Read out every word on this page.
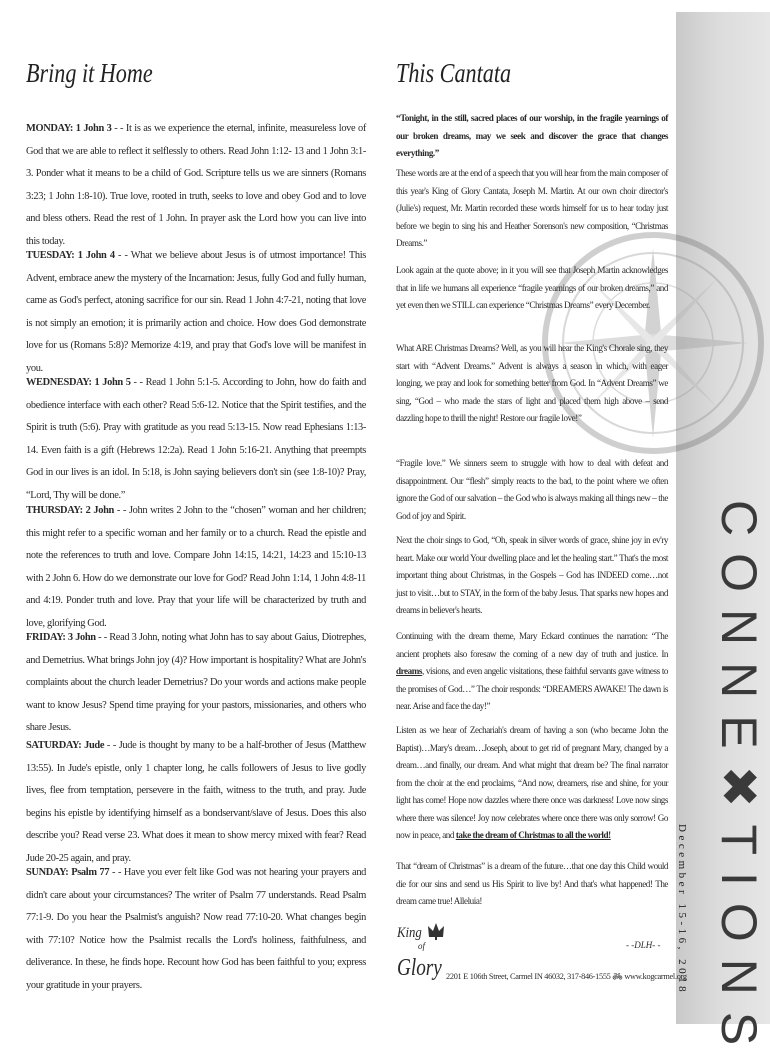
Bring it Home

MONDAY: 1 John 3 - - It is as we experience the eternal, infinite, measureless love of God that we are able to reflect it selflessly to others. Read John 1:12- 13 and 1 John 3:1-3. Ponder what it means to be a child of God. Scripture tells us we are sinners (Romans 3:23; 1 John 1:8-10). True love, rooted in truth, seeks to love and obey God and to love and bless others. Read the rest of 1 John. In prayer ask the Lord how you can live into this today.

TUESDAY: 1 John 4 - - What we believe about Jesus is of utmost importance! This Advent, embrace anew the mystery of the Incarnation: Jesus, fully God and fully human, came as God's perfect, atoning sacrifice for our sin. Read 1 John 4:7-21, noting that love is not simply an emotion; it is primarily action and choice. How does God demonstrate love for us (Romans 5:8)? Memorize 4:19, and pray that God's love will be manifest in you.

WEDNESDAY: 1 John 5 - - Read 1 John 5:1-5. According to John, how do faith and obedience interface with each other? Read 5:6-12. Notice that the Spirit testifies, and the Spirit is truth (5:6). Pray with gratitude as you read 5:13-15. Now read Ephesians 1:13-14. Even faith is a gift (Hebrews 12:2a). Read 1 John 5:16-21. Anything that preempts God in our lives is an idol. In 5:18, is John saying believers don't sin (see 1:8-10)? Pray, “Lord, Thy will be done.”

THURSDAY: 2 John - - John writes 2 John to the “chosen” woman and her children; this might refer to a specific woman and her family or to a church. Read the epistle and note the references to truth and love. Compare John 14:15, 14:21, 14:23 and 15:10-13 with 2 John 6. How do we demonstrate our love for God? Read John 1:14, 1 John 4:8-11 and 4:19. Ponder truth and love. Pray that your life will be characterized by truth and love, glorifying God.

FRIDAY: 3 John - - Read 3 John, noting what John has to say about Gaius, Diotrephes, and Demetrius. What brings John joy (4)? How important is hospitality? What are John's complaints about the church leader Demetrius? Do your words and actions make people want to know Jesus? Spend time praying for your pastors, missionaries, and others who share Jesus.

SATURDAY: Jude - - Jude is thought by many to be a half-brother of Jesus (Matthew 13:55). In Jude's epistle, only 1 chapter long, he calls followers of Jesus to live godly lives, flee from temptation, persevere in the faith, witness to the truth, and pray. Jude begins his epistle by identifying himself as a bondservant/slave of Jesus. Does this also describe you? Read verse 23. What does it mean to show mercy mixed with fear? Read Jude 20-25 again, and pray.

SUNDAY: Psalm 77 - - Have you ever felt like God was not hearing your prayers and didn't care about your circumstances? The writer of Psalm 77 understands. Read Psalm 77:1-9. Do you hear the Psalmist's anguish? Now read 77:10-20. What changes begin with 77:10? Notice how the Psalmist recalls the Lord's holiness, faithfulness, and deliverance. In these, he finds hope. Recount how God has been faithful to you; express your gratitude in your prayers.

This Cantata

“Tonight, in the still, sacred places of our worship, in the fragile yearnings of our broken dreams, may we seek and discover the grace that changes everything.”

These words are at the end of a speech that you will hear from the main composer of this year's King of Glory Cantata, Joseph M. Martin. At our own choir director's (Julie's) request, Mr. Martin recorded these words himself for us to hear today just before we begin to sing his and Heather Sorenson's new composition, “Christmas Dreams.”

Look again at the quote above; in it you will see that Joseph Martin acknowledges that in life we humans all experience “fragile yearnings of our broken dreams,” and yet even then we STILL can experience “Christmas Dreams” every December.

What ARE Christmas Dreams? Well, as you will hear the King's Chorale sing, they start with “Advent Dreams.” Advent is always a season in which, with eager longing, we pray and look for something better from God. In “Advent Dreams” we sing, “God – who made the stars of light and placed them high above – send dazzling hope to thrill the night! Restore our fragile love!”

“Fragile love.” We sinners seem to struggle with how to deal with defeat and disappointment. Our “flesh” simply reacts to the bad, to the point where we often ignore the God of our salvation – the God who is always making all things new – the God of joy and Spirit.

Next the choir sings to God, “Oh, speak in silver words of grace, shine joy in ev'ry heart. Make our world Your dwelling place and let the healing start.” That's the most important thing about Christmas, in the Gospels – God has INDEED come…not just to visit…but to STAY, in the form of the baby Jesus. That sparks new hopes and dreams in believer's hearts.

Continuing with the dream theme, Mary Eckard continues the narration: “The ancient prophets also foresaw the coming of a new day of truth and justice. In dreams, visions, and even angelic visitations, these faithful servants gave witness to the promises of God…” The choir responds: “DREAMERS AWAKE! The dawn is near. Arise and face the day!”

Listen as we hear of Zechariah's dream of having a son (who became John the Baptist)…Mary's dream…Joseph, about to get rid of pregnant Mary, changed by a dream…and finally, our dream. And what might that dream be? The final narrator from the choir at the end proclaims, “And now, dreamers, rise and shine, for your light has come! Hope now dazzles where there once was darkness! Love now sings where there was silence! Joy now celebrates where once there was only sorrow! Go now in peace, and take the dream of Christmas to all the world!

That “dream of Christmas” is a dream of the future…that one day this Child would die for our sins and send us His Spirit to live by! And that's what happened! The dream came true! Alleluia!

- -DLH- -
King
of
Glory 2201 E 106th Street, Carmel IN 46032, 317-846-1555 🚲︎ www.kogcarmel.org CONNE✖TIONS
December 15-16, 2018
